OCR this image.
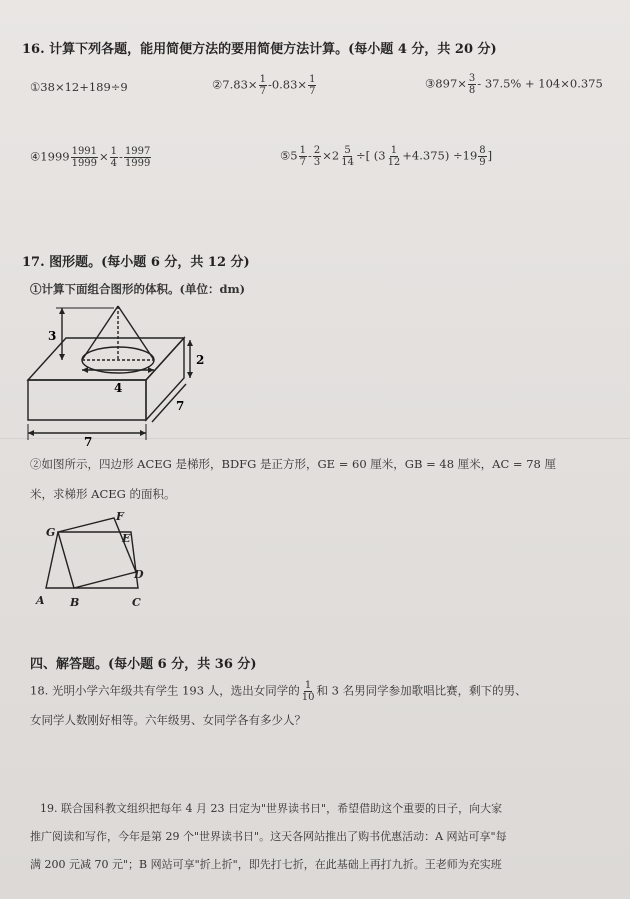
16. 计算下列各题，能用简便方法的要用简便方法计算。(每小题 4 分，共 20 分)
①38×12+189÷9	②7.83× $\frac{1}{7} -0.83\times \frac{1}{7}$	③897× $\frac{3}{8} - 37.5\% + 104\times 0.375$
④1999 $\frac{1991}{1999} \times \frac{1}{4} - \frac{1997}{1999}$	⑤5 $\frac{1}{7} - \frac{2}{3} \times 2 \frac{5}{14}$ ÷[ $(3 \frac{1}{12} +4.375) \div 19 \frac{8}{9}$ ]
17. 图形题。(每小题 6 分，共 12 分)
①计算下面组合图形的体积。(单位：dm)
3
2
4
7
7
②如图所示，四边形 ACEG 是梯形，BDFG 是正方形，GE = 60 厘米，GB = 48 厘米，AC = 78 厘
米，求梯形 ACEG 的面积。
G
F
E
D
A B	C
四、解答题。(每小题 6 分，共 36 分)
18. 光明小学六年级共有学生 193 人，选出女同学的 $\frac{1}{10}$ 和 3 名男同学参加歌唱比赛，剩下的男、
女同学人数刚好相等。六年级男、女同学各有多少人？
19. 联合国科教文组织把每年 4 月 23 日定为"世界读书日"，希望借助这个重要的日子，向大家
推广阅读和写作，今年是第 29 个"世界读书日"。这天各网站推出了购书优惠活动：A 网站可享"每
满 200 元减 70 元"；B 网站可享"折上折"，即先打七折，在此基础上再打九折。王老师为充实班
